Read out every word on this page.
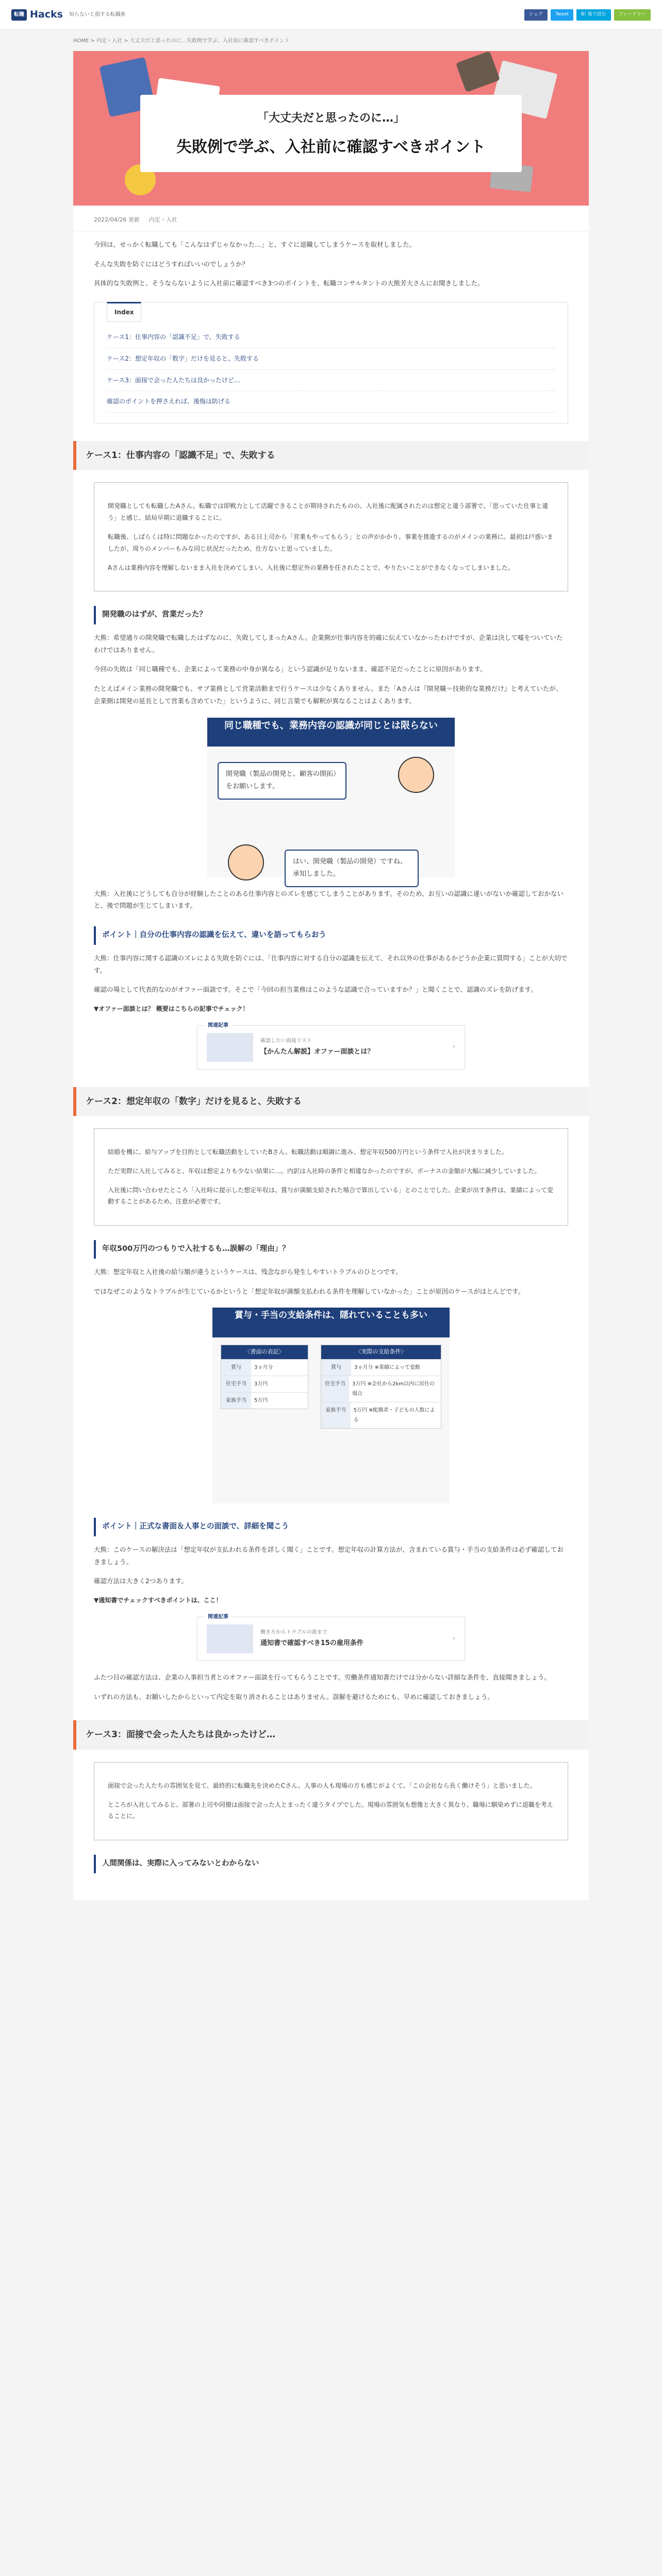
転職 Hacks 知らないと損する転職術	シェア	Tweet	B! 後で読む	フィードリー
HOME > 内定・入社 > 大丈夫だと思ったのに…失敗例で学ぶ、入社前に確認すべきポイント
「大丈夫だと思ったのに…」
失敗例で学ぶ、入社前に確認すべきポイント
2022/04/26 更新 内定・入社

今回は、せっかく転職しても「こんなはずじゃなかった…」と、すぐに退職してしまうケースを取材しました。

そんな失敗を防ぐにはどうすればいいのでしょうか？

具体的な失敗例と、そうならないように入社前に確認すべき3つのポイントを、転職コンサルタントの大熊芳大さんにお聞きしました。

Index
ケース1：仕事内容の「認識不足」で、失敗する
ケース2：想定年収の「数字」だけを見ると、失敗する
ケース3：面接で会った人たちは良かったけど…
確認のポイントを押さえれば、後悔は防げる
ケース1：仕事内容の「認識不足」で、失敗する

開発職としても転職したAさん。転職では即戦力として活躍できることが期待されたものの、入社後に配属されたのは想定と違う部署で、「思っていた仕事と違う」と感じ、結局早期に退職することに。

転職後、しばらくは特に問題なかったのですが、ある日上司から「営業もやってもらう」との声がかかり、事業を推進するのがメインの業務に。最初は戸惑いましたが、周りのメンバーもみな同じ状況だったため、仕方ないと思っていました。

Aさんは業務内容を理解しないまま入社を決めてしまい、入社後に想定外の業務を任されたことで、やりたいことができなくなってしまいました。

開発職のはずが、営業だった？

大熊：希望通りの開発職で転職したはずなのに、失敗してしまったAさん。企業側が仕事内容を的確に伝えていなかったわけですが、企業は決して嘘をついていたわけではありません。

今回の失敗は「同じ職種でも、企業によって業務の中身が異なる」という認識が足りないまま、確認不足だったことに原因があります。

たとえばメイン業務の開発職でも、サブ業務として営業活動まで行うケースは少なくありません。また「Aさんは『開発職＝技術的な業務だけ』と考えていたが、企業側は開発の延長として営業も含めていた」というように、同じ言葉でも解釈が異なることはよくあります。

同じ職種でも、業務内容の認識が同じとは限らない
開発職（製品の開発と、顧客の開拓）をお願いします。
はい、開発職（製品の開発）ですね、承知しました。

大熊：入社後にどうしても自分が経験したことのある仕事内容とのズレを感じてしまうことがあります。そのため、お互いの認識に違いがないか確認しておかないと、後で問題が生じてしまいます。

ポイント｜自分の仕事内容の認識を伝えて、違いを語ってもらおう

大熊：仕事内容に関する認識のズレによる失敗を防ぐには、「仕事内容に対する自分の認識を伝えて、それ以外の仕事があるかどうか企業に質問する」ことが大切です。

確認の場として代表的なのがオファー面談です。そこで「今回の担当業務はこのような認識で合っていますか？」と聞くことで、認識のズレを防げます。

▼オファー面談とは？ 概要はこちらの記事でチェック！

関連記事
確認したい面接リスト
【かんたん解説】オファー面談とは？
›
ケース2：想定年収の「数字」だけを見ると、失敗する

結婚を機に、給与アップを目的として転職活動をしていたBさん。転職活動は順調に進み、想定年収500万円という条件で入社が決まりました。

ただ実際に入社してみると、年収は想定よりも少ない結果に…。内訳は入社時の条件と相違なかったのですが、ボーナスの金額が大幅に減少していました。

入社後に問い合わせたところ「入社時に提示した想定年収は、賞与が満額支給された場合で算出している」とのことでした。企業が出す条件は、業績によって変動することがあるため、注意が必要です。

年収500万円のつもりで入社するも…誤解の「理由」？

大熊：想定年収と入社後の給与額が違うというケースは、残念ながら発生しやすいトラブルのひとつです。

ではなぜこのようなトラブルが生じているかというと「想定年収が満額支払われる条件を理解していなかった」ことが原因のケースがほとんどです。

賞与・手当の支給条件は、隠れていることも多い
〈書面の表記〉
賞与	3ヵ月分
住宅手当	3万円
家族手当	5万円
〈実際の支給条件〉
賞与	3ヵ月分 ※業績によって変動
住宅手当	3万円 ※会社から2km以内に居住の場合
家族手当	5万円 ※配偶者・子どもの人数による
ポイント｜正式な書面＆人事との面談で、詳細を聞こう

大熊：このケースの解決法は「想定年収が支払われる条件を詳しく聞く」ことです。想定年収の計算方法が、含まれている賞与・手当の支給条件は必ず確認しておきましょう。

確認方法は大きく2つあります。

▼通知書でチェックすべきポイントは、ここ！

関連記事
働き方からトラブルの源まで
通知書で確認すべき15の雇用条件
›

ふたつ目の確認方法は、企業の人事担当者とのオファー面談を行ってもらうことです。労働条件通知書だけでは分からない詳細な条件を、直接聞きましょう。

いずれの方法も、お願いしたからといって内定を取り消されることはありません。誤解を避けるためにも、早めに確認しておきましょう。

ケース3：面接で会った人たちは良かったけど…

面接で会った人たちの雰囲気を見て、最終的に転職先を決めたCさん。人事の人も現場の方も感じがよくて、「この会社なら長く働けそう」と思いました。

ところが入社してみると、部署の上司や同僚は面接で会った人とまったく違うタイプでした。現場の雰囲気も想像と大きく異なり、職場に馴染めずに退職を考えることに。

人間関係は、実際に入ってみないとわからない
